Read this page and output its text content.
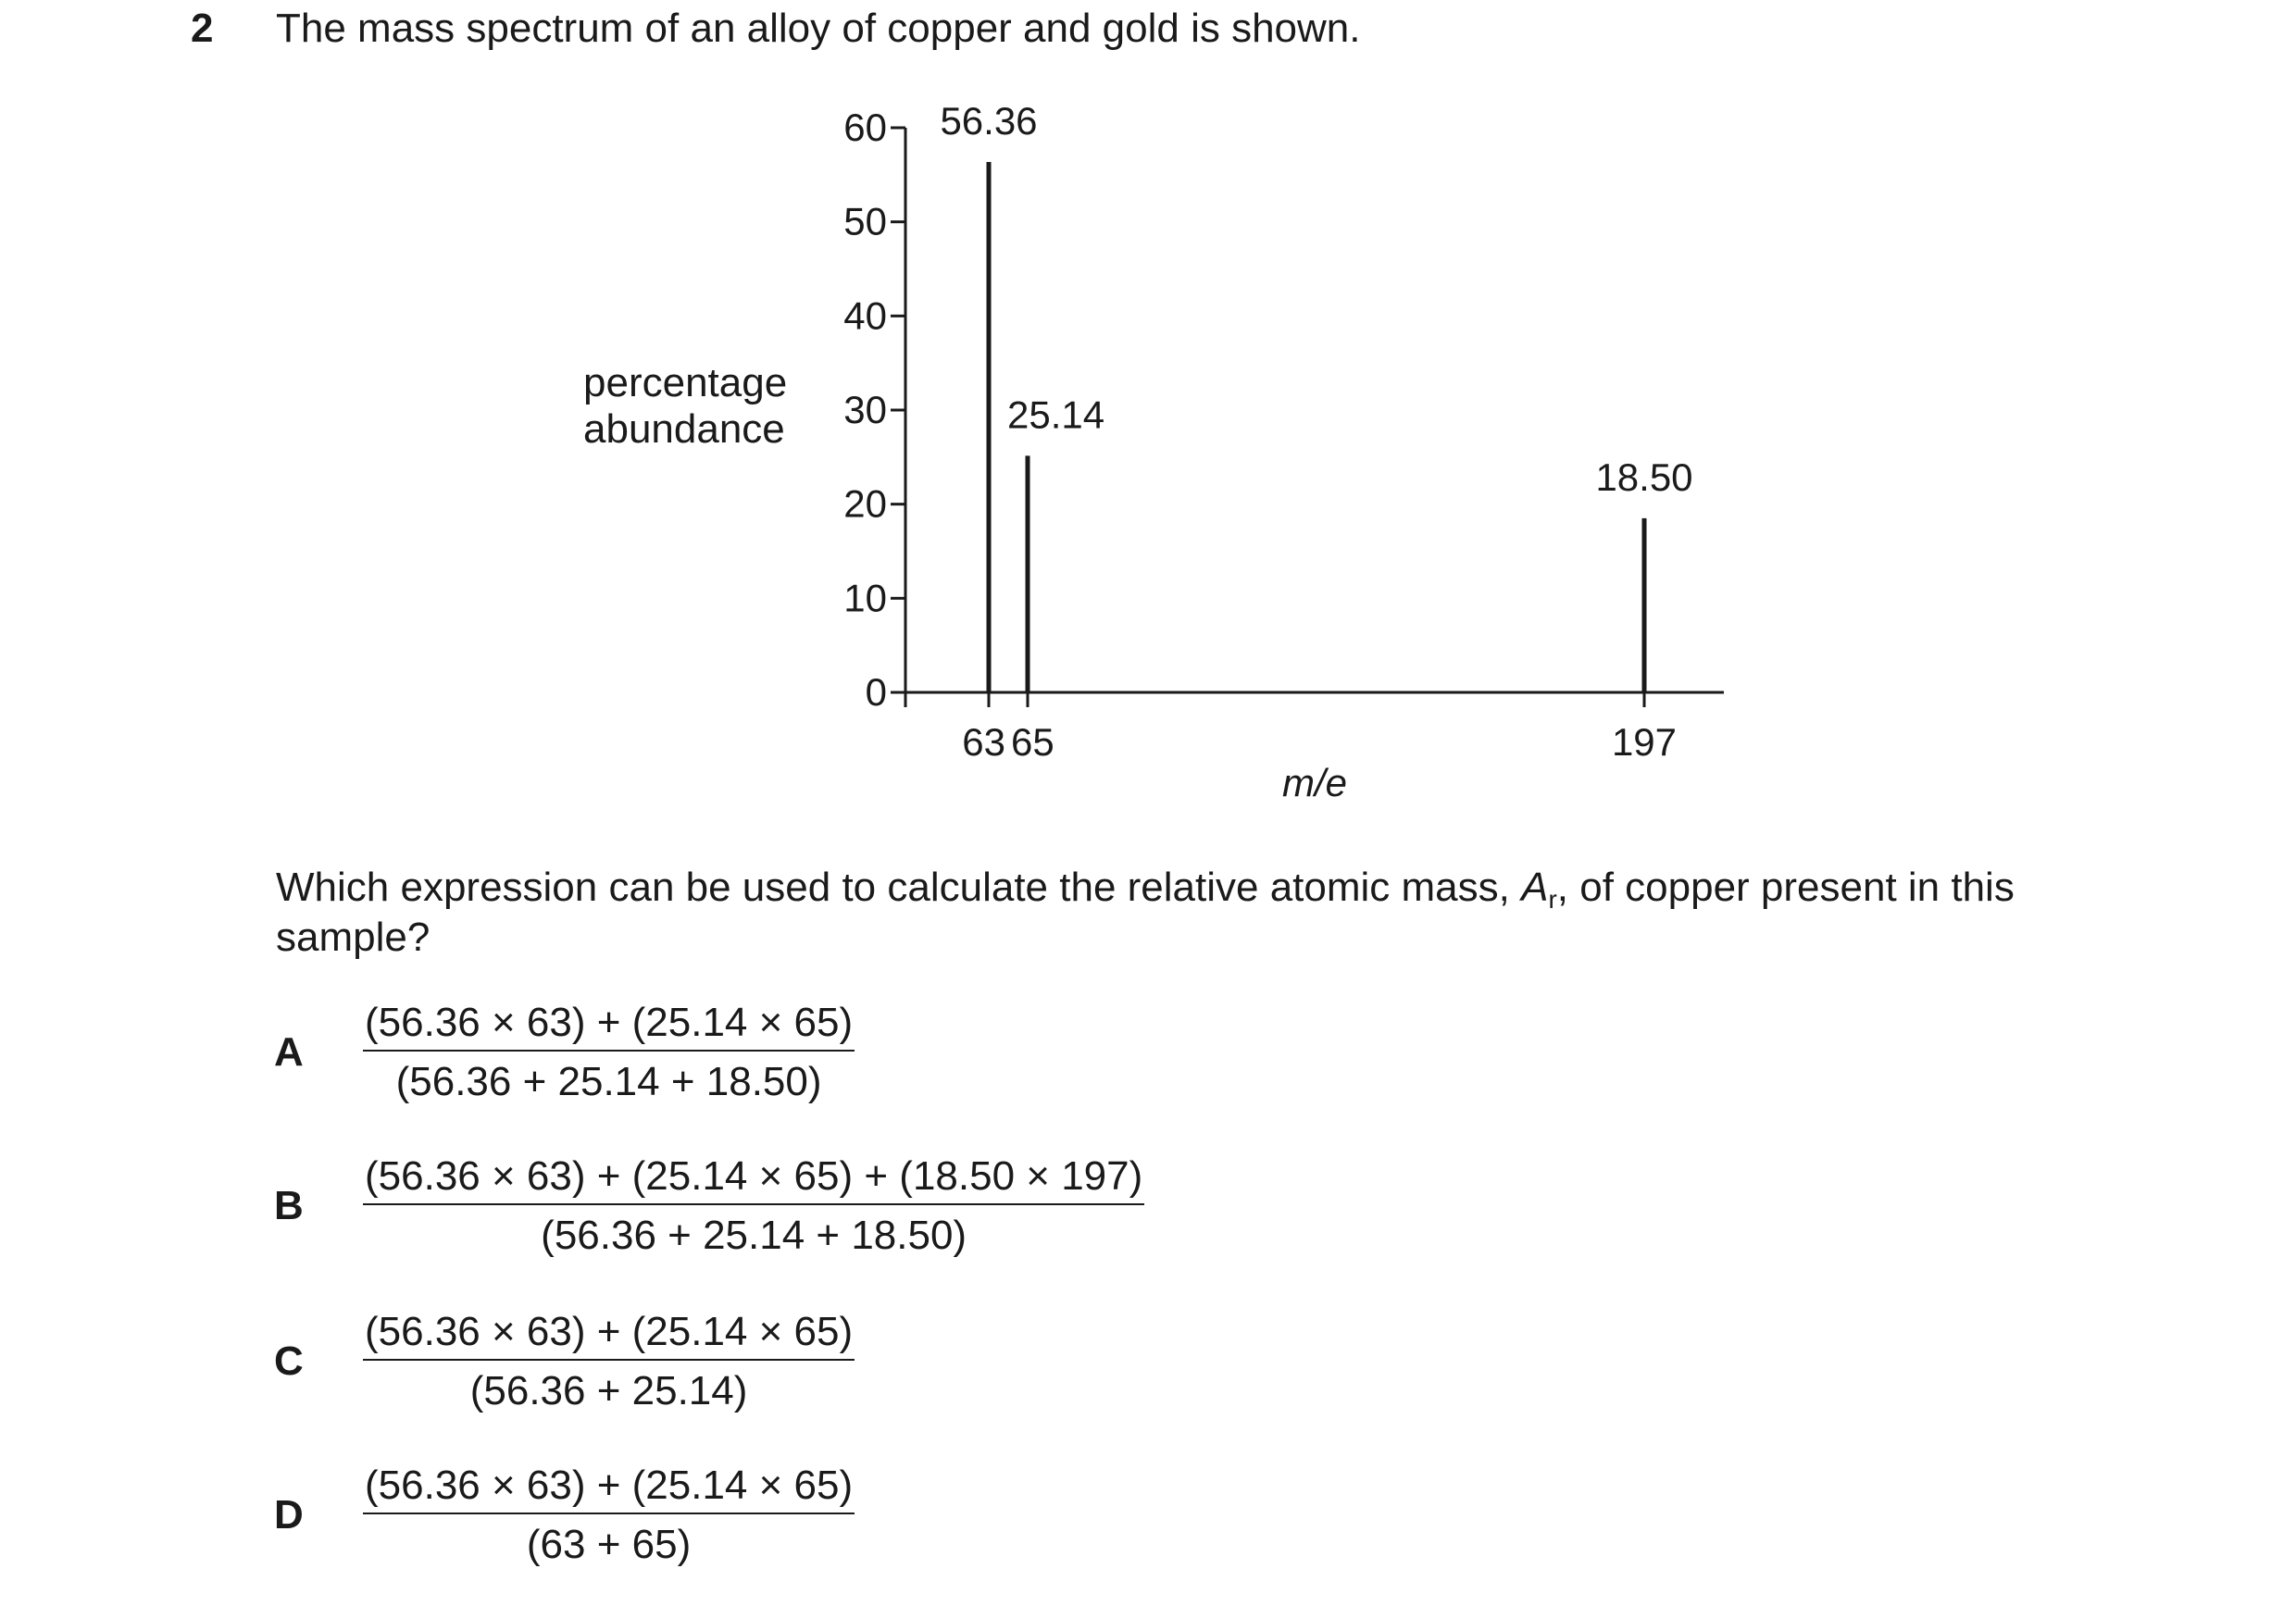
2 The mass spectrum of an alloy of copper and gold is shown.
percentage
abundance
0
10
20
30
40
50
60
63 65	197
56.36
25.14
18.50
m/e
Which expression can be used to calculate the relative atomic mass, $A_r$, of copper present in this sample?
A $\frac{(56.36 \times 63) + (25.14 \times 65)}{(56.36 + 25.14 + 18.50)}$
B $\frac{(56.36 \times 63) + (25.14 \times 65) + (18.50 \times 197)}{(56.36 + 25.14 + 18.50)}$
C $\frac{(56.36 \times 63) + (25.14 \times 65)}{(56.36 + 25.14)}$
D $\frac{(56.36 \times 63) + (25.14 \times 65)}{(63 + 65)}$
